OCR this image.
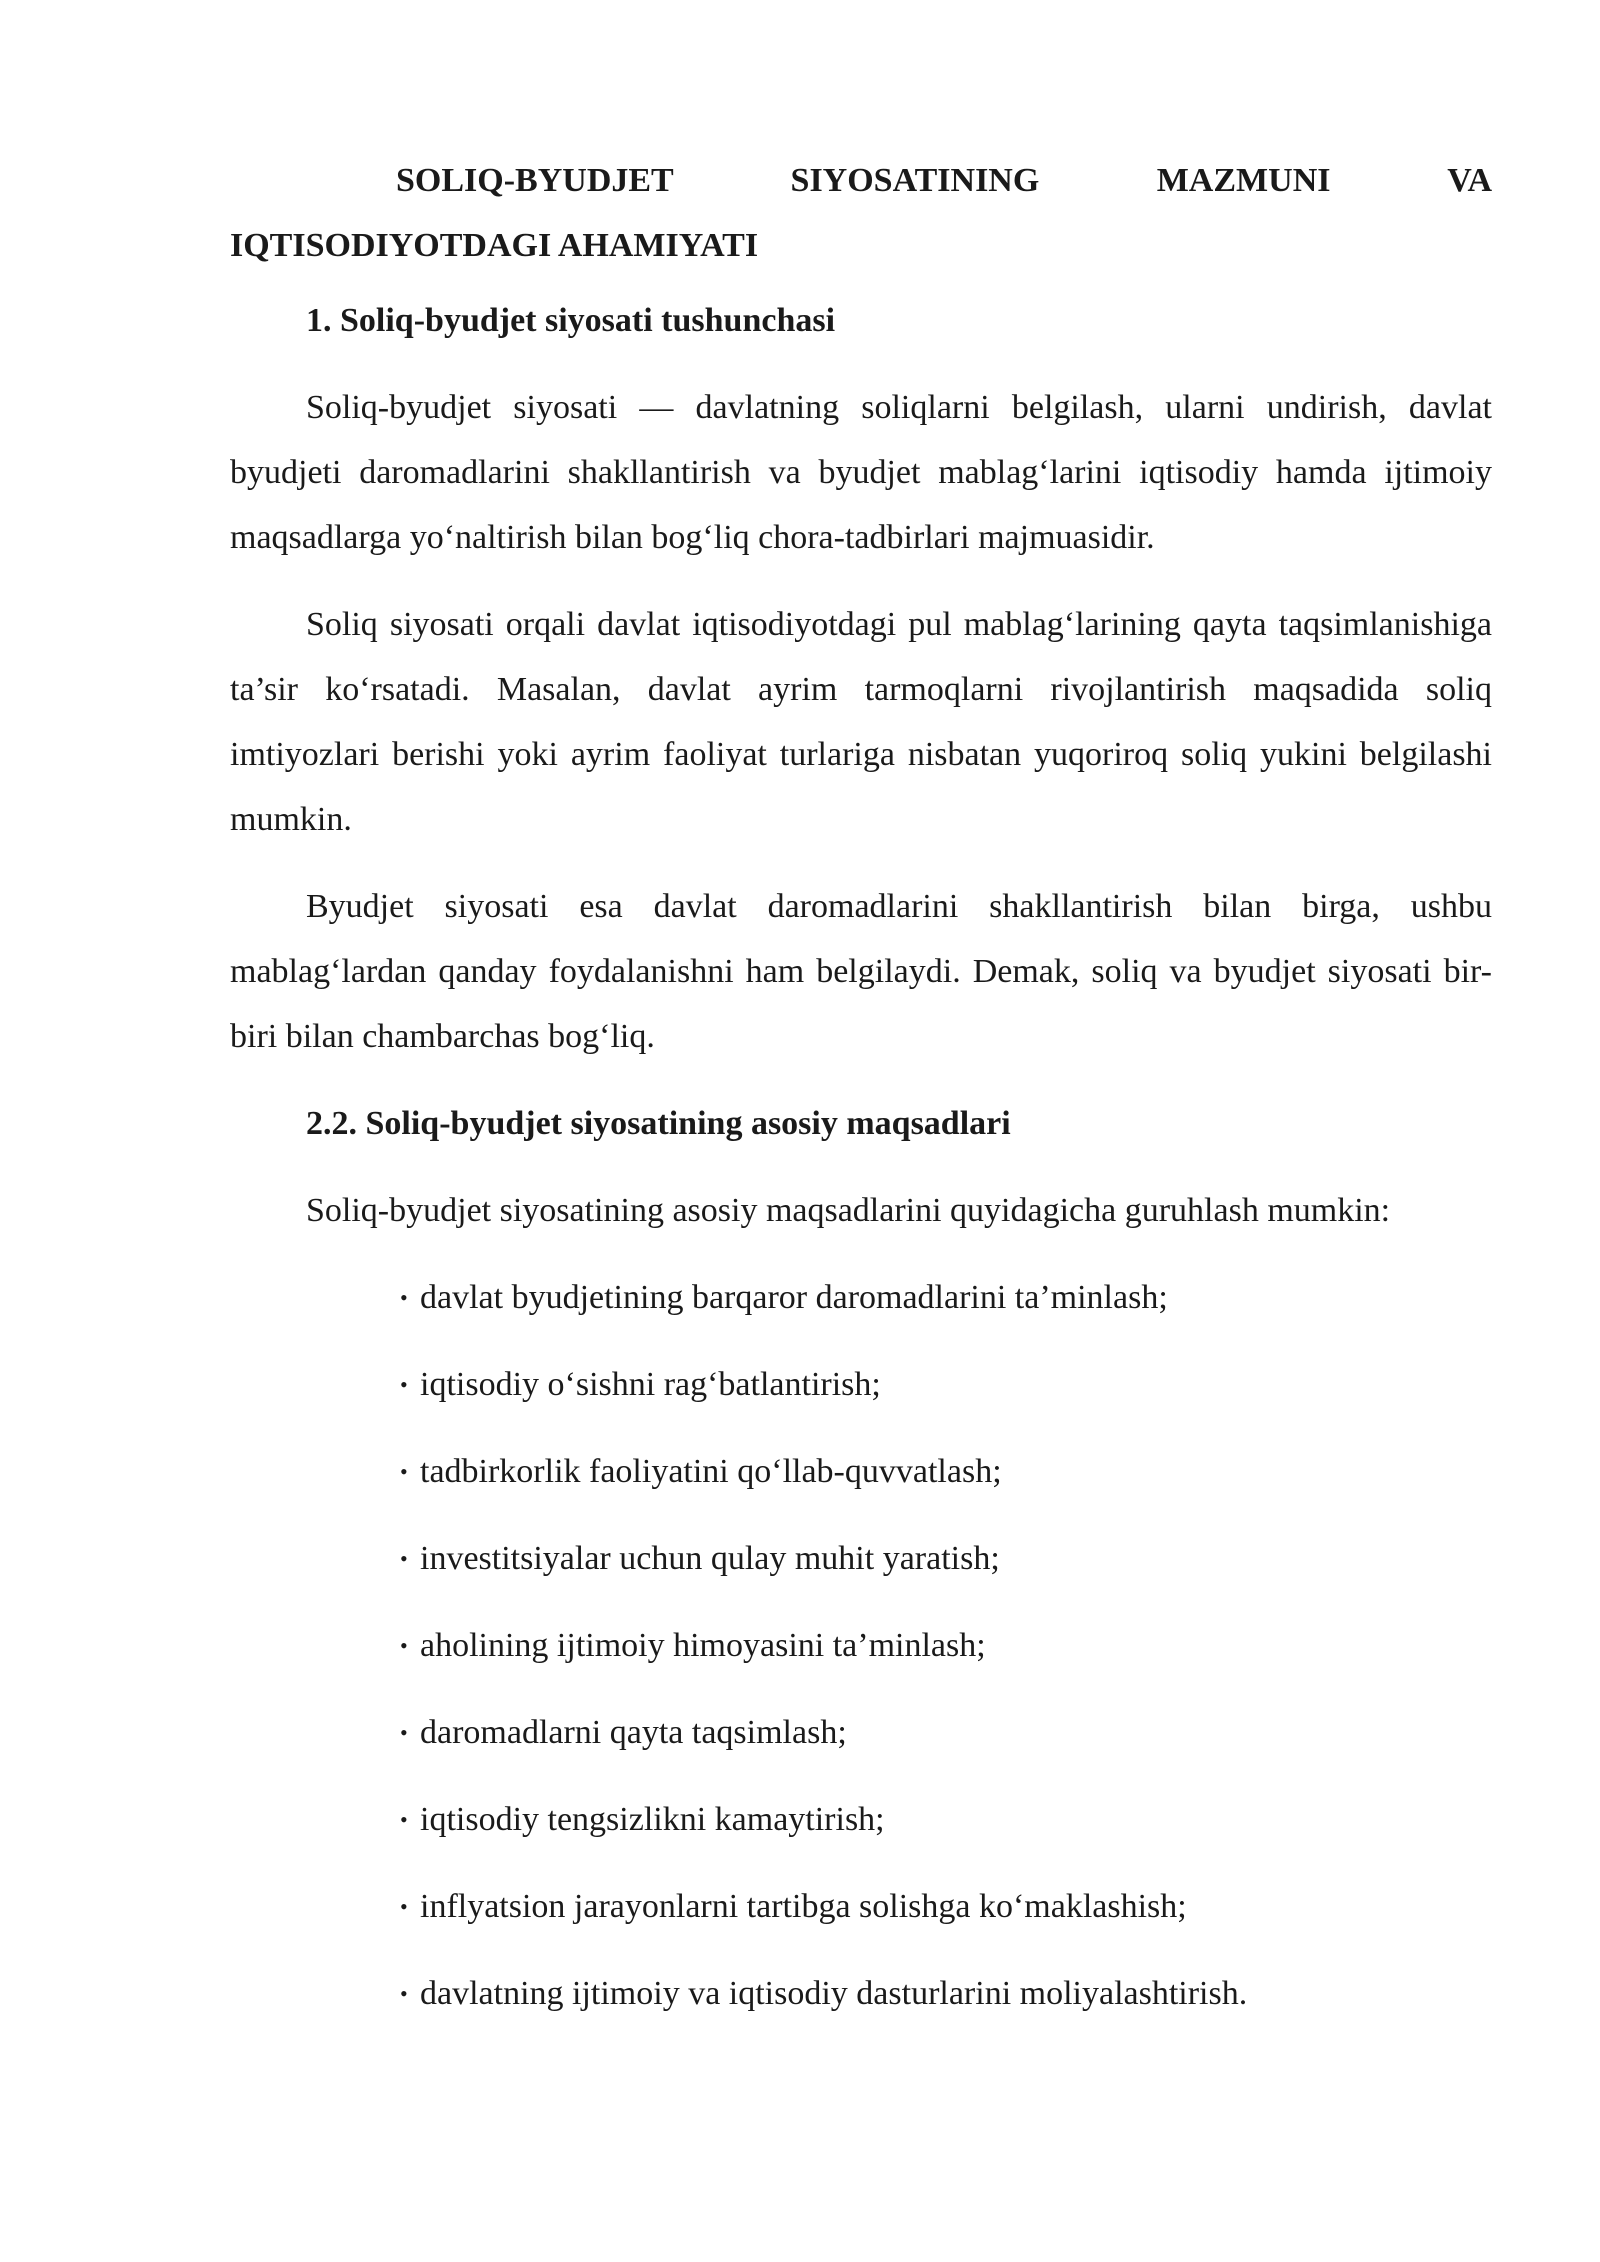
SOLIQ-BYUDJET SIYOSATINING MAZMUNI VA
IQTISODIYOTDAGI AHAMIYATI
1. Soliq-byudjet siyosati tushunchasi

Soliq-byudjet siyosati — davlatning soliqlarni belgilash, ularni undirish, davlat byudjeti daromadlarini shakllantirish va byudjet mablag‘larini iqtisodiy hamda ijtimoiy maqsadlarga yo‘naltirish bilan bog‘liq chora-tadbirlari majmuasidir.

Soliq siyosati orqali davlat iqtisodiyotdagi pul mablag‘larining qayta taqsimlanishiga ta’sir ko‘rsatadi. Masalan, davlat ayrim tarmoqlarni rivojlantirish maqsadida soliq imtiyozlari berishi yoki ayrim faoliyat turlariga nisbatan yuqoriroq soliq yukini belgilashi mumkin.

Byudjet siyosati esa davlat daromadlarini shakllantirish bilan birga, ushbu mablag‘lardan qanday foydalanishni ham belgilaydi. Demak, soliq va byudjet siyosati bir-biri bilan chambarchas bog‘liq.

2.2. Soliq-byudjet siyosatining asosiy maqsadlari

Soliq-byudjet siyosatining asosiy maqsadlarini quyidagicha guruhlash mumkin:

• davlat byudjetining barqaror daromadlarini ta’minlash;
• iqtisodiy o‘sishni rag‘batlantirish;
• tadbirkorlik faoliyatini qo‘llab-quvvatlash;
• investitsiyalar uchun qulay muhit yaratish;
• aholining ijtimoiy himoyasini ta’minlash;
• daromadlarni qayta taqsimlash;
• iqtisodiy tengsizlikni kamaytirish;
• inflyatsion jarayonlarni tartibga solishga ko‘maklashish;
• davlatning ijtimoiy va iqtisodiy dasturlarini moliyalashtirish.
